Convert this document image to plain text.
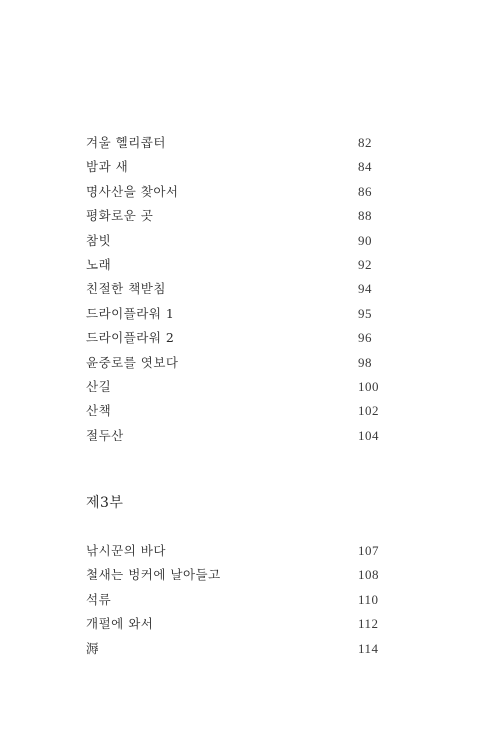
겨울 헬리콥터	82
밤과 새	84
명사산을 찾아서	86
평화로운 곳	88
참빗	90
노래	92
친절한 책받침	94
드라이플라워 1	95
드라이플라워 2	96
윤중로를 엿보다	98
산길	100
산책	102
절두산	104
제3부
낚시꾼의 바다	107
철새는 벙커에 날아들고	108
석류	110
개펄에 와서	112
溽	114
